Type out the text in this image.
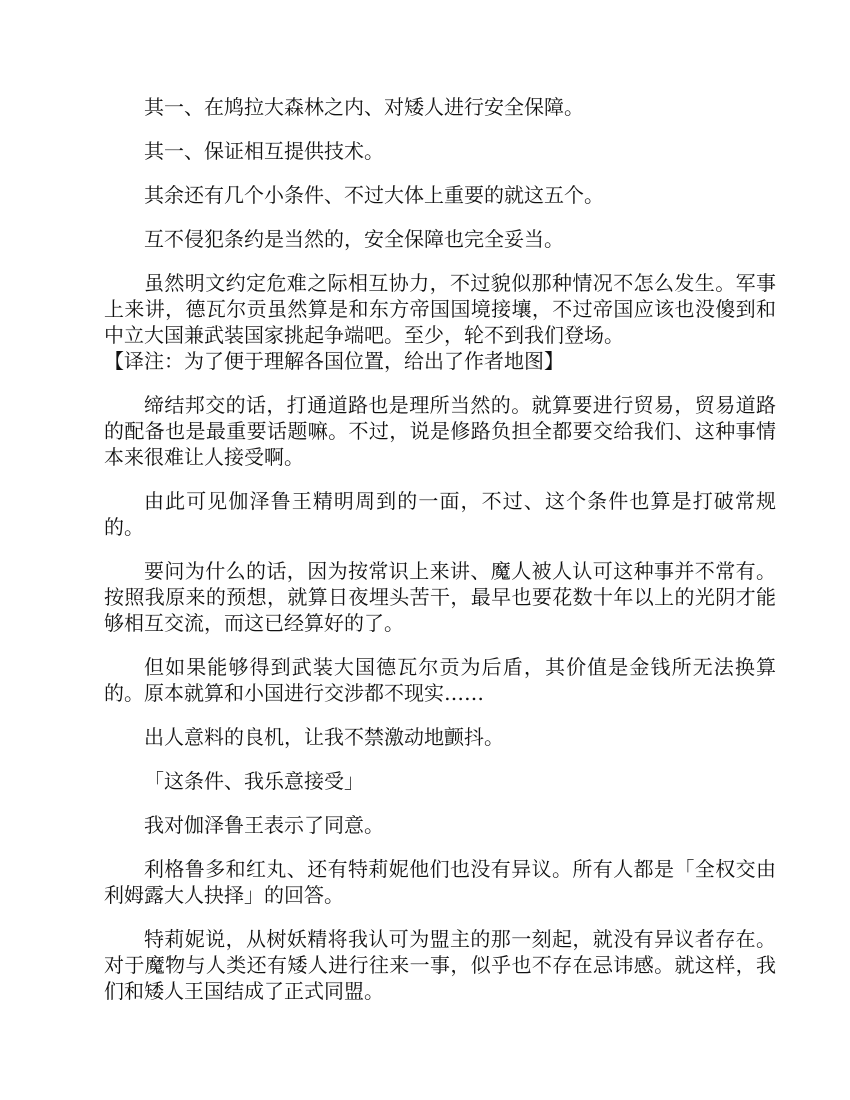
其一、在鸠拉大森林之内、对矮人进行安全保障。

其一、保证相互提供技术。

其余还有几个小条件、不过大体上重要的就这五个。

互不侵犯条约是当然的，安全保障也完全妥当。

虽然明文约定危难之际相互协力，不过貌似那种情况不怎么发生。军事上来讲，德瓦尔贡虽然算是和东方帝国国境接壤，不过帝国应该也没傻到和中立大国兼武装国家挑起争端吧。至少，轮不到我们登场。
【译注：为了便于理解各国位置，给出了作者地图】

缔结邦交的话，打通道路也是理所当然的。就算要进行贸易，贸易道路的配备也是最重要话题嘛。不过，说是修路负担全都要交给我们、这种事情本来很难让人接受啊。

由此可见伽泽鲁王精明周到的一面，不过、这个条件也算是打破常规的。

要问为什么的话，因为按常识上来讲、魔人被人认可这种事并不常有。按照我原来的预想，就算日夜埋头苦干，最早也要花数十年以上的光阴才能够相互交流，而这已经算好的了。

但如果能够得到武装大国德瓦尔贡为后盾，其价值是金钱所无法换算的。原本就算和小国进行交涉都不现实……

出人意料的良机，让我不禁激动地颤抖。

「这条件、我乐意接受」

我对伽泽鲁王表示了同意。

利格鲁多和红丸、还有特莉妮他们也没有异议。所有人都是「全权交由利姆露大人抉择」的回答。

特莉妮说，从树妖精将我认可为盟主的那一刻起，就没有异议者存在。对于魔物与人类还有矮人进行往来一事，似乎也不存在忌讳感。就这样，我们和矮人王国结成了正式同盟。
